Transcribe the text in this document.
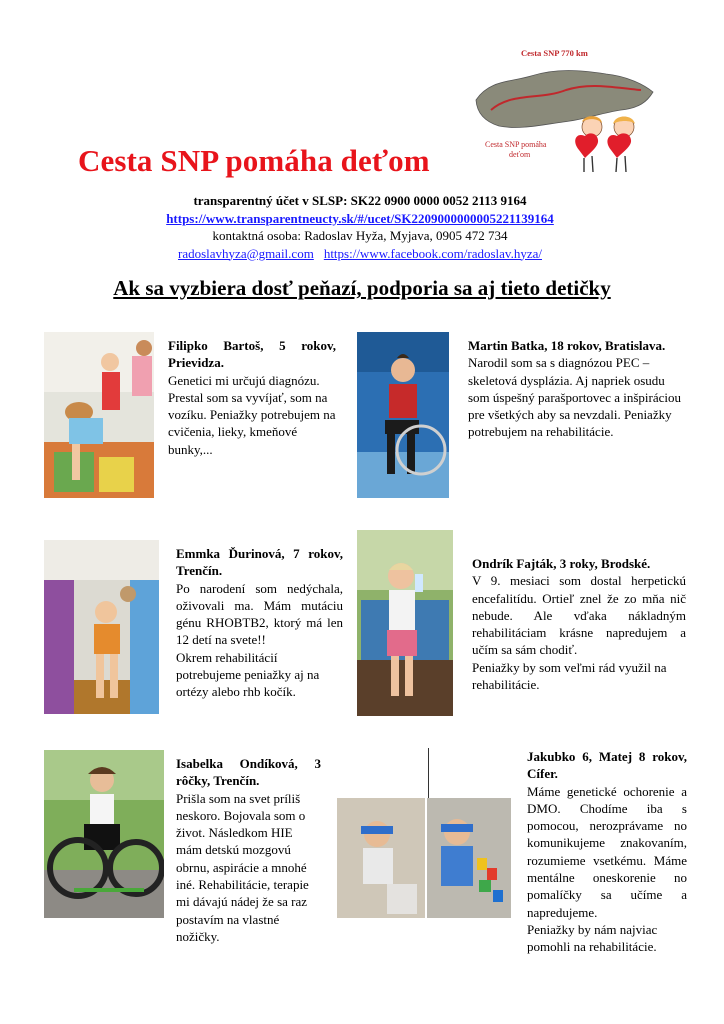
Cesta SNP pomáha deťom
Cesta SNP 770 km
Cesta SNP pomáha
deťom
transparentný účet v SLSP: SK22 0900 0000 0052 2113 9164
https://www.transparentneucty.sk/#/ucet/SK2209000000005221139164
kontaktná osoba: Radoslav Hyža, Myjava, 0905 472 734
radoslavhyza@gmail.com https://www.facebook.com/radoslav.hyza/
Ak sa vyzbiera dosť peňazí, podporia sa aj tieto detičky
Filipko Bartoš, 5 rokov, Prievidza.

Genetici mi určujú diagnózu. Prestal som sa vyvíjať, som na vozíku. Peniažky potrebujem na cvičenia, lieky, kmeňové bunky,...

Martin Batka, 18 rokov, Bratislava.

Narodil som sa s diagnózou PEC – skeletová dysplázia. Aj napriek osudu som úspešný parašportovec a inšpiráciou pre všetkých aby sa nevzdali. Peniažky potrebujem na rehabilitácie.

Emmka Ďurinová, 7 rokov, Trenčín.

Po narodení som nedýchala, oživovali ma. Mám mutáciu génu RHOBTB2, ktorý má len 12 detí na svete!!

Okrem rehabilitácií potrebujeme peniažky aj na ortézy alebo rhb kočík.

Ondrík Fajták, 3 roky, Brodské.

V 9. mesiaci som dostal herpetickú encefalitídu. Ortieľ znel že zo mňa nič nebude. Ale vďaka nákladným rehabilitáciam krásne napredujem a učím sa sám chodiť.

Peniažky by som veľmi rád využil na rehabilitácie.

Isabelka Ondíková, 3 rôčky, Trenčín.

Prišla som na svet príliš neskoro. Bojovala som o život. Následkom HIE mám detskú mozgovú obrnu, aspirácie a mnohé iné. Rehabilitácie, terapie mi dávajú nádej že sa raz postavím na vlastné nožičky.

Jakubko 6, Matej 8 rokov, Cífer.

Máme genetické ochorenie a DMO. Chodíme iba s pomocou, nerozprávame no komunikujeme znakovaním, rozumieme vsetkému. Máme mentálne oneskorenie no pomalíčky sa učíme a napredujeme.

Peniažky by nám najviac pomohli na rehabilitácie.
